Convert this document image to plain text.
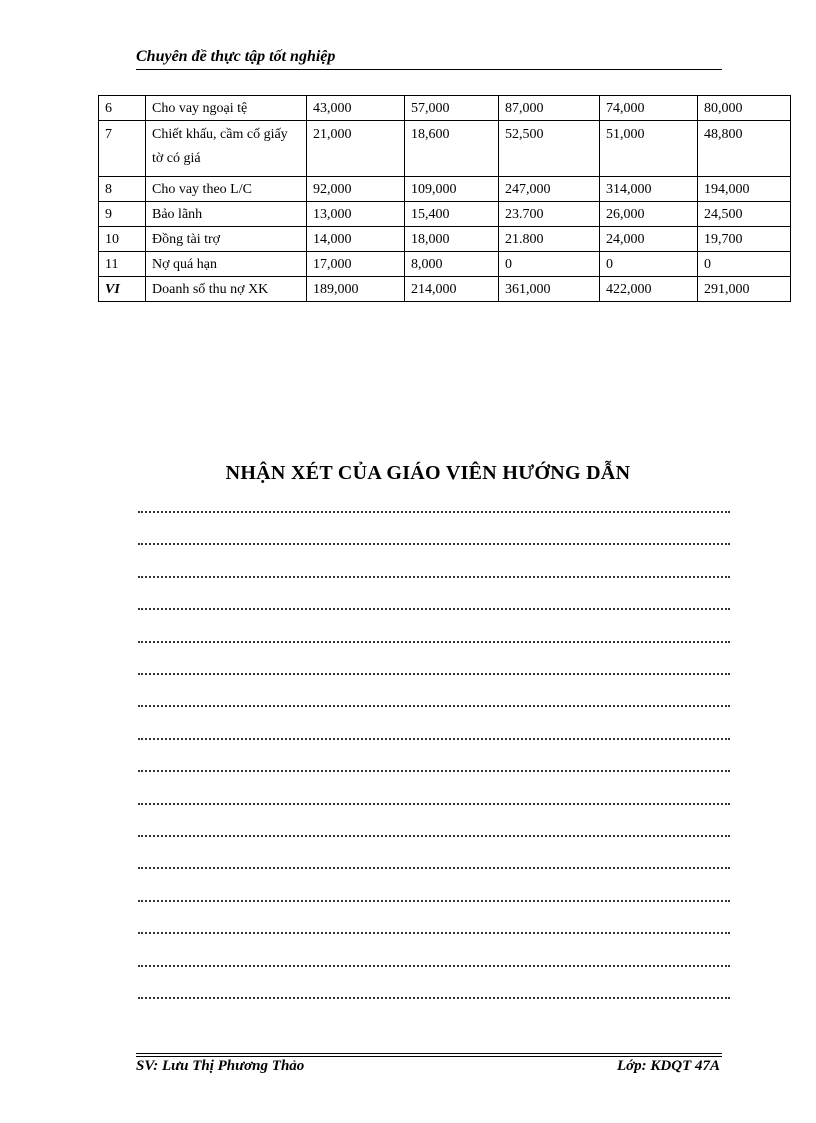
Chuyên đề thực tập tốt nghiệp
6	Cho vay ngoại tệ	43,000	57,000	87,000	74,000	80,000
7	Chiết khấu, cầm cố giấy tờ có giá	21,000	18,600	52,500	51,000	48,800
8	Cho vay theo L/C	92,000	109,000	247,000	314,000	194,000
9	Bảo lãnh	13,000	15,400	23.700	26,000	24,500
10	Đồng tài trợ	14,000	18,000	21.800	24,000	19,700
11	Nợ quá hạn	17,000	8,000	0	0	0
VI	Doanh số thu nợ XK	189,000	214,000	361,000	422,000	291,000
NHẬN XÉT CỦA GIÁO VIÊN HƯỚNG DẪN
SV: Lưu Thị Phương Thảo	Lớp: KDQT 47A
